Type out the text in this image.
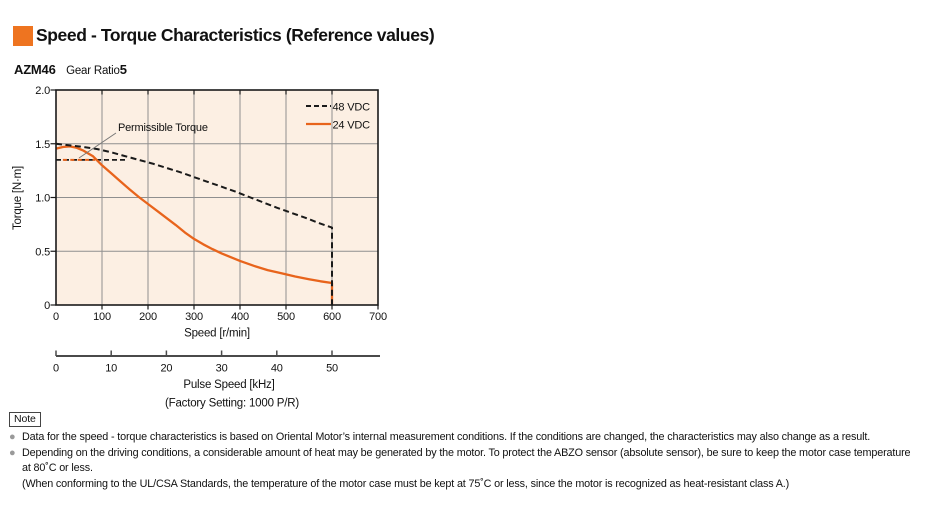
Speed - Torque Characteristics (Reference values)
AZM46 Gear Ratio5
0	100	200	300	400	500	600	700
0
0.5
1.0
1.5
2.0
0	10	20	30	40	50
Permissible Torque
48 VDC
24 VDC
Speed [r/min]
Torque [N·m]
Pulse Speed [kHz]
(Factory Setting: 1000 P/R)
Note
● Data for the speed - torque characteristics is based on Oriental Motor’s internal measurement conditions. If the conditions are changed, the characteristics may also change as a result.
● Depending on the driving conditions, a considerable amount of heat may be generated by the motor. To protect the ABZO sensor (absolute sensor), be sure to keep the motor case temperature at 80˚C or less.
(When conforming to the UL/CSA Standards, the temperature of the motor case must be kept at 75˚C or less, since the motor is recognized as heat-resistant class A.)
